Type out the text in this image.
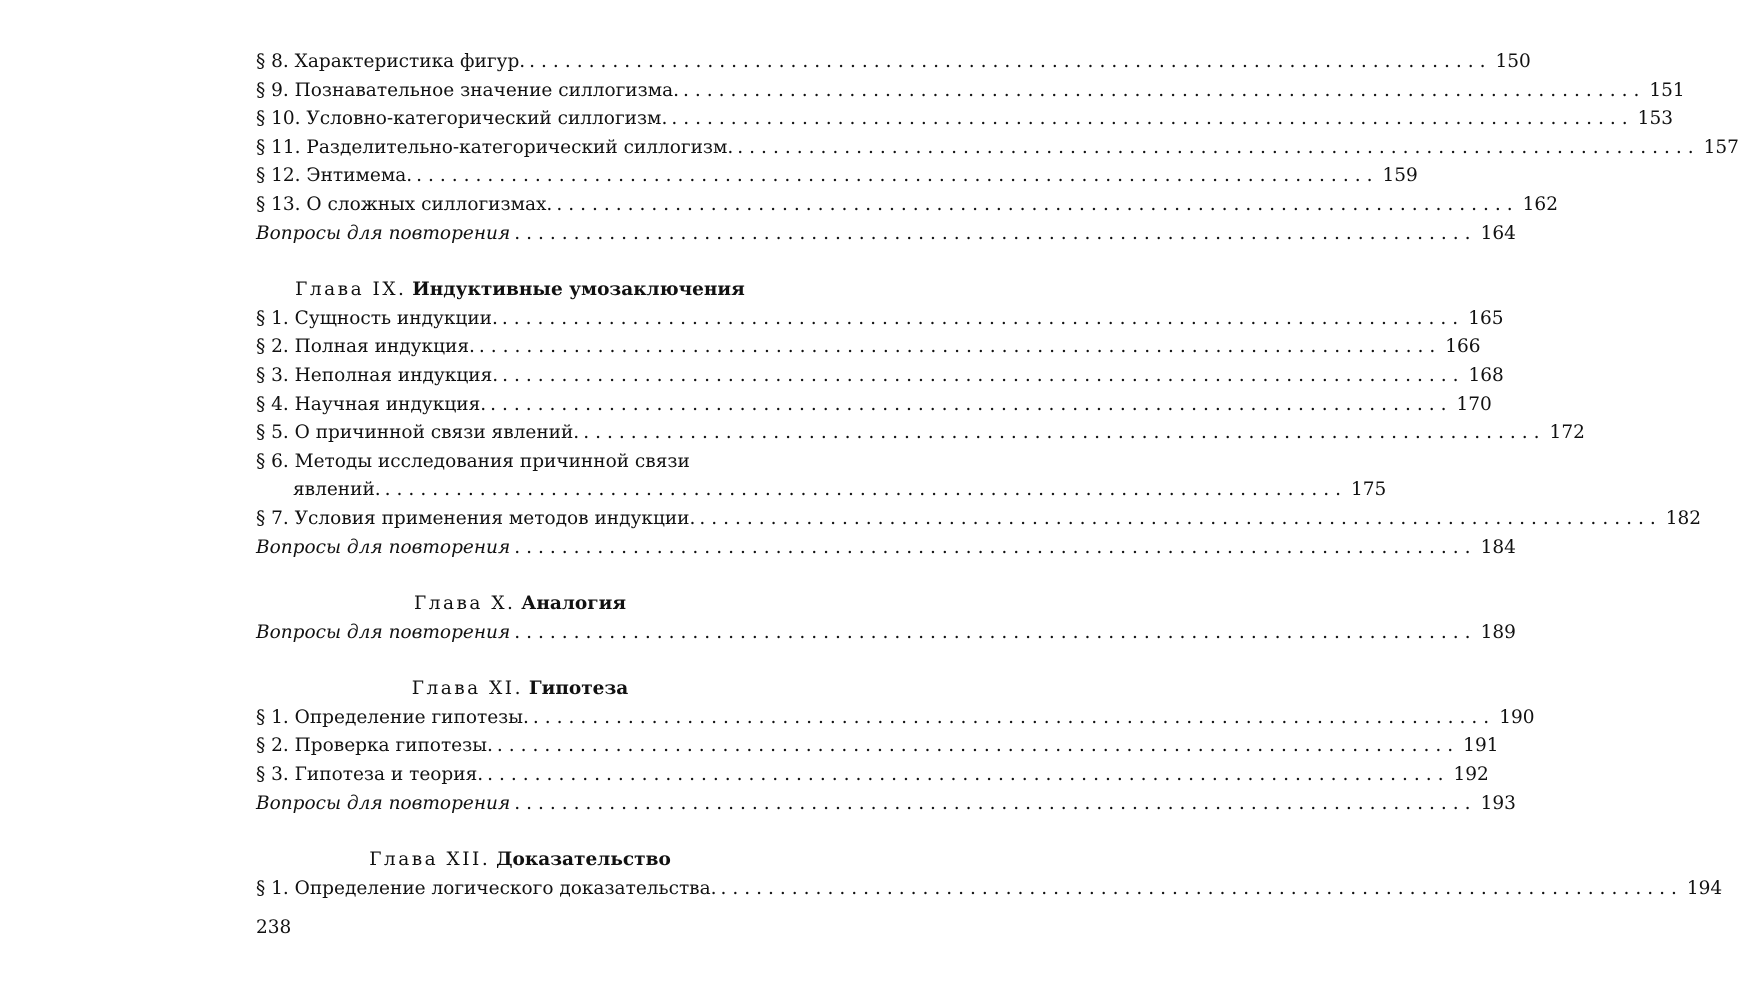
§ 8. Характеристика фигур. ................................................................................. 150
§ 9. Познавательное значение силлогизма. ................................................................................. 151
§ 10. Условно-категорический силлогизм. ................................................................................. 153
§ 11. Разделительно-категорический силлогизм. ................................................................................. 157
§ 12. Энтимема. ................................................................................. 159
§ 13. О сложных силлогизмах. ................................................................................. 162
Вопросы для повторения ................................................................................. 164
Глава IX. Индуктивные умозаключения
§ 1. Сущность индукции. ................................................................................. 165
§ 2. Полная индукция. ................................................................................. 166
§ 3. Неполная индукция. ................................................................................. 168
§ 4. Научная индукция. ................................................................................. 170
§ 5. О причинной связи явлений. ................................................................................. 172
§ 6. Методы исследования причинной связи
явлений. ................................................................................. 175
§ 7. Условия применения методов индукции. ................................................................................. 182
Вопросы для повторения ................................................................................. 184
Глава X. Аналогия
Вопросы для повторения ................................................................................. 189
Глава XI. Гипотеза
§ 1. Определение гипотезы. ................................................................................. 190
§ 2. Проверка гипотезы. ................................................................................. 191
§ 3. Гипотеза и теория. ................................................................................. 192
Вопросы для повторения ................................................................................. 193
Глава XII. Доказательство
§ 1. Определение логического доказательства. ................................................................................. 194
238
